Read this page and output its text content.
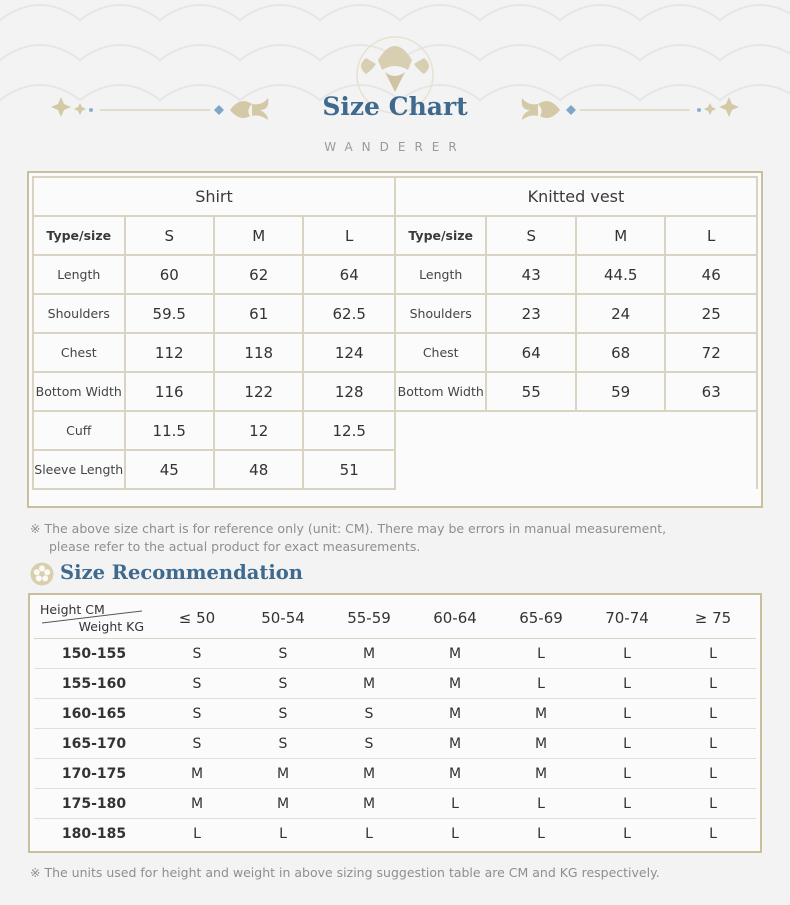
Size Chart
WANDERER
Shirt				Knitted vest			
Type/size	S	M	L	Type/size	S	M	L
Length	60	62	64	Length	43	44.5	46
Shoulders	59.5	61	62.5	Shoulders	23	24	25
Chest	112	118	124	Chest	64	68	72
Bottom Width	116	122	128	Bottom Width	55	59	63
Cuff	11.5	12	12.5				
Sleeve Length	45	48	51				
※ The above size chart is for reference only (unit: CM). There may be errors in manual measurement,
please refer to the actual product for exact measurements.
Size Recommendation
Height CM
Weight KG	≤ 50	50-54	55-59	60-64	65-69	70-74	≥ 75
150-155	S	S	M	M	L	L	L
155-160	S	S	M	M	L	L	L
160-165	S	S	S	M	M	L	L
165-170	S	S	S	M	M	L	L
170-175	M	M	M	M	M	L	L
175-180	M	M	M	L	L	L	L
180-185	L	L	L	L	L	L	L
※ The units used for height and weight in above sizing suggestion table are CM and KG respectively.
